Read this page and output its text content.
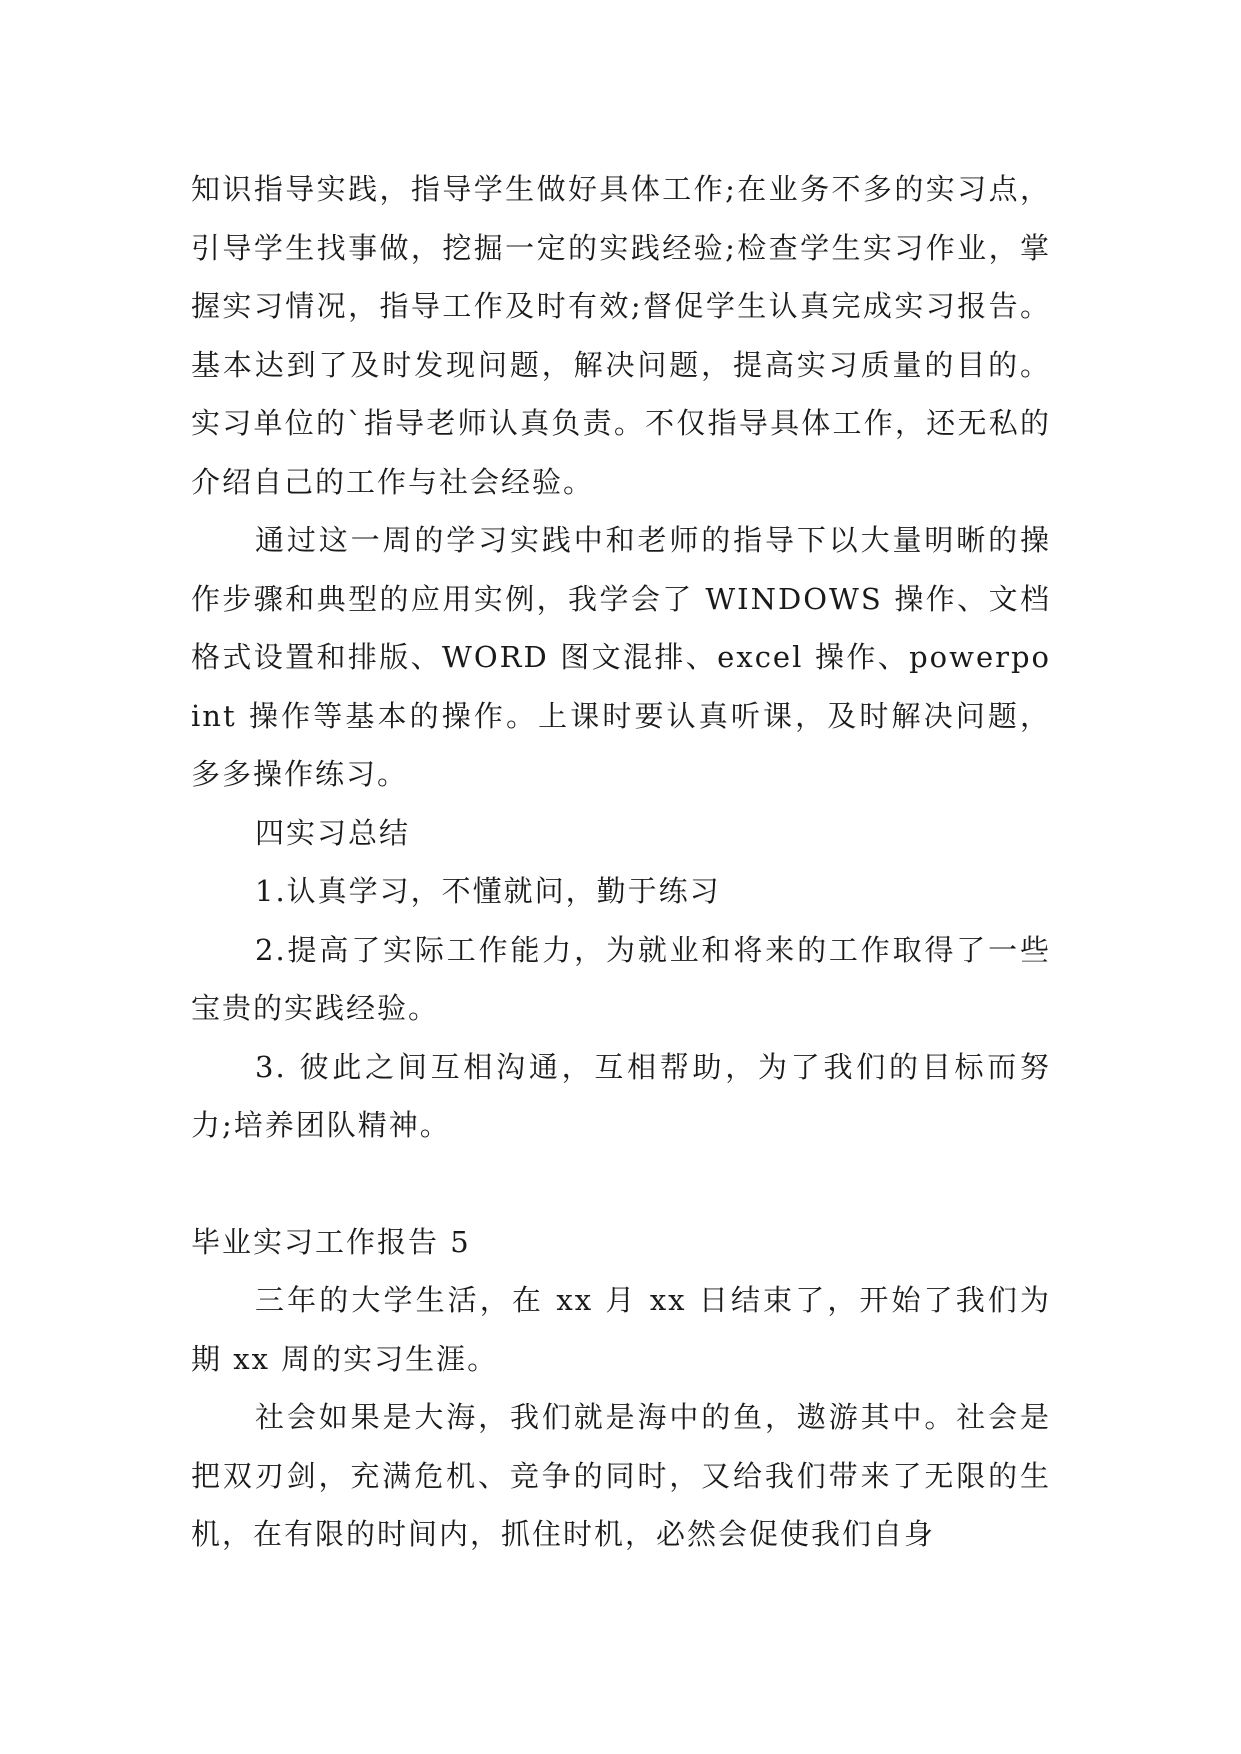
知识指导实践，指导学生做好具体工作;在业务不多的实习点，引导学生找事做，挖掘一定的实践经验;检查学生实习作业，掌握实习情况，指导工作及时有效;督促学生认真完成实习报告。基本达到了及时发现问题，解决问题，提高实习质量的目的。 实习单位的`指导老师认真负责。不仅指导具体工作，还无私的介绍自己的工作与社会经验。

通过这一周的学习实践中和老师的指导下以大量明晰的操作步骤和典型的应用实例，我学会了 WINDOWS 操作、文档格式设置和排版、WORD 图文混排、excel 操作、powerpoint 操作等基本的操作。上课时要认真听课，及时解决问题，多多操作练习。

四实习总结

1.认真学习，不懂就问，勤于练习

2.提高了实际工作能力，为就业和将来的工作取得了一些宝贵的实践经验。

3. 彼此之间互相沟通，互相帮助，为了我们的目标而努力;培养团队精神。

毕业实习工作报告 5

三年的大学生活，在 xx 月 xx 日结束了，开始了我们为期 xx 周的实习生涯。

社会如果是大海，我们就是海中的鱼，遨游其中。社会是把双刃剑，充满危机、竞争的同时，又给我们带来了无限的生机，在有限的时间内，抓住时机，必然会促使我们自身
